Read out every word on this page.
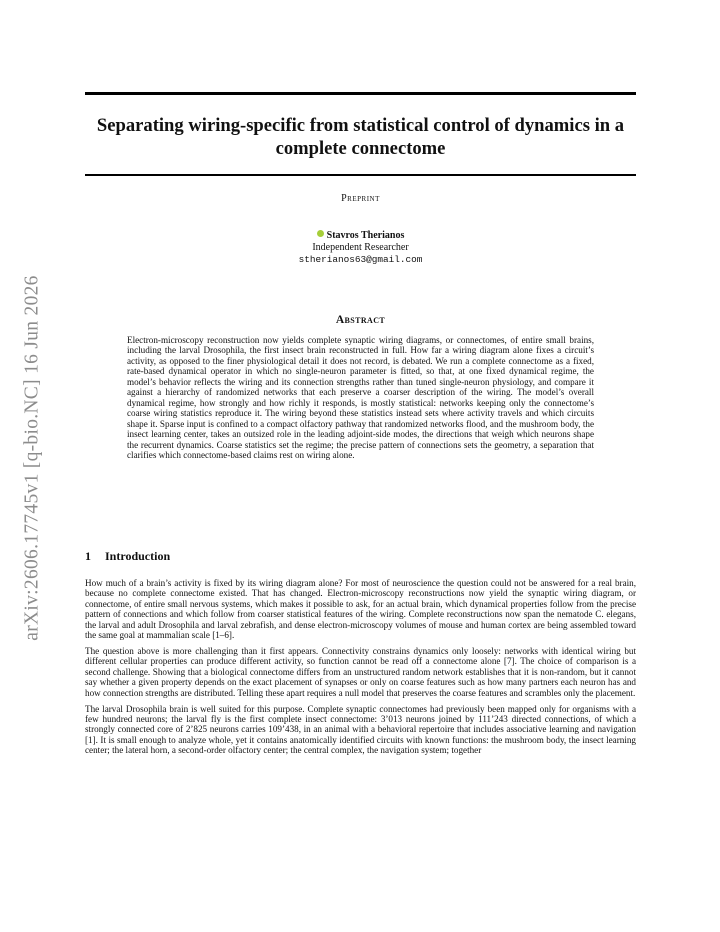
arXiv:2606.17745v1 [q-bio.NC] 16 Jun 2026
Separating wiring-specific from statistical control of dynamics in a complete connectome
Preprint
Stavros Therianos
Independent Researcher
stherianos63@gmail.com
Abstract

Electron-microscopy reconstruction now yields complete synaptic wiring diagrams, or connectomes, of entire small brains, including the larval Drosophila, the first insect brain reconstructed in full. How far a wiring diagram alone fixes a circuit’s activity, as opposed to the finer physiological detail it does not record, is debated. We run a complete connectome as a fixed, rate-based dynamical operator in which no single-neuron parameter is fitted, so that, at one fixed dynamical regime, the model’s behavior reflects the wiring and its connection strengths rather than tuned single-neuron physiology, and compare it against a hierarchy of randomized networks that each preserve a coarser description of the wiring. The model’s overall dynamical regime, how strongly and how richly it responds, is mostly statistical: networks keeping only the connectome’s coarse wiring statistics reproduce it. The wiring beyond these statistics instead sets where activity travels and which circuits shape it. Sparse input is confined to a compact olfactory pathway that randomized networks flood, and the mushroom body, the insect learning center, takes an outsized role in the leading adjoint-side modes, the directions that weigh which neurons shape the recurrent dynamics. Coarse statistics set the regime; the precise pattern of connections sets the geometry, a separation that clarifies which connectome-based claims rest on wiring alone.

1 Introduction

How much of a brain’s activity is fixed by its wiring diagram alone? For most of neuroscience the question could not be answered for a real brain, because no complete connectome existed. That has changed. Electron-microscopy reconstructions now yield the synaptic wiring diagram, or connectome, of entire small nervous systems, which makes it possible to ask, for an actual brain, which dynamical properties follow from the precise pattern of connections and which follow from coarser statistical features of the wiring. Complete reconstructions now span the nematode C. elegans, the larval and adult Drosophila and larval zebrafish, and dense electron-microscopy volumes of mouse and human cortex are being assembled toward the same goal at mammalian scale [1–6].

The question above is more challenging than it first appears. Connectivity constrains dynamics only loosely: networks with identical wiring but different cellular properties can produce different activity, so function cannot be read off a connectome alone [7]. The choice of comparison is a second challenge. Showing that a biological connectome differs from an unstructured random network establishes that it is non-random, but it cannot say whether a given property depends on the exact placement of synapses or only on coarse features such as how many partners each neuron has and how connection strengths are distributed. Telling these apart requires a null model that preserves the coarse features and scrambles only the placement.

The larval Drosophila brain is well suited for this purpose. Complete synaptic connectomes had previously been mapped only for organisms with a few hundred neurons; the larval fly is the first complete insect connectome: 3’013 neurons joined by 111’243 directed connections, of which a strongly connected core of 2’825 neurons carries 109’438, in an animal with a behavioral repertoire that includes associative learning and navigation [1]. It is small enough to analyze whole, yet it contains anatomically identified circuits with known functions: the mushroom body, the insect learning center; the lateral horn, a second-order olfactory center; the central complex, the navigation system; together
